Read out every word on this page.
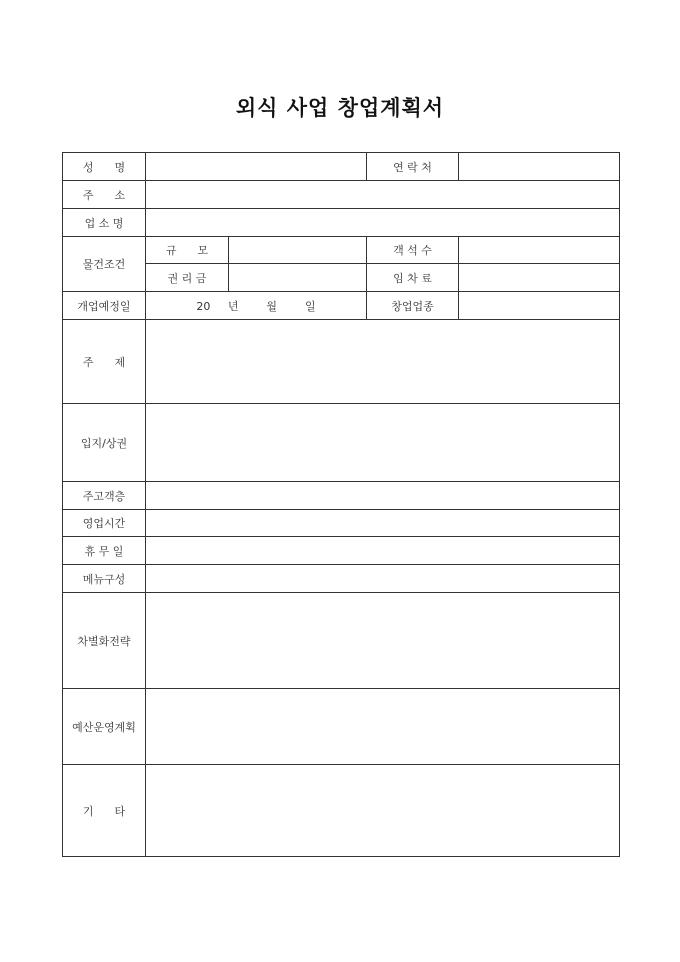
외식 사업 창업계획서
성      명			연 락 처	
주      소				
업 소 명				
물건조건	규      모		객 석 수	
	권 리 금		임 차 료	
개업예정일	20     년        월        일		창업업종	
주      제				
입지/상권				
주고객층				
영업시간				
휴 무 일				
메뉴구성				
차별화전략				
예산운영계획				
기      타				
